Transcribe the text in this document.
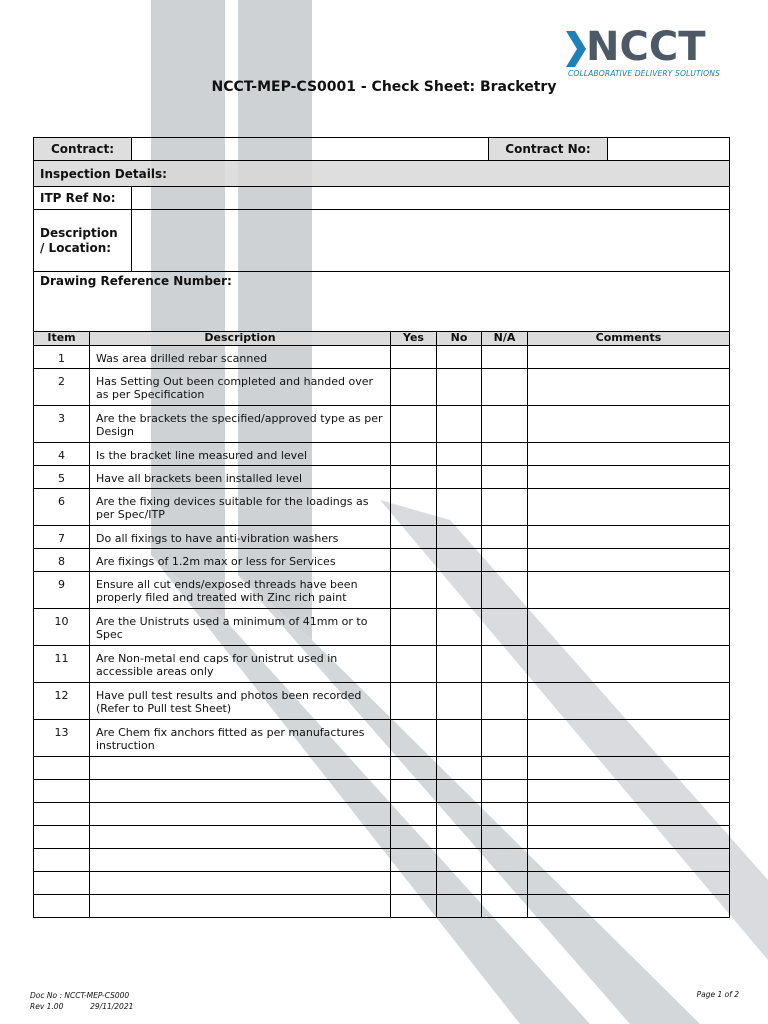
NCCT
COLLABORATIVE DELIVERY SOLUTIONS
NCCT-MEP-CS0001 - Check Sheet: Bracketry
Contract:		Contract No:	
Inspection Details:			
ITP Ref No:			
Description / Location:			
Drawing Reference Number:			
Item	Description	Yes	No	N/A	Comments
1	Was area drilled rebar scanned				
2	Has Setting Out been completed and handed over as per Specification				
3	Are the brackets the specified/approved type as per Design				
4	Is the bracket line measured and level				
5	Have all brackets been installed level				
6	Are the fixing devices suitable for the loadings as per Spec/ITP				
7	Do all fixings to have anti-vibration washers				
8	Are fixings of 1.2m max or less for Services				
9	Ensure all cut ends/exposed threads have been properly filed and treated with Zinc rich paint				
10	Are the Unistruts used a minimum of 41mm or to Spec				
11	Are Non-metal end caps for unistrut used in accessible areas only				
12	Have pull test results and photos been recorded (Refer to Pull test Sheet)				
13	Are Chem fix anchors fitted as per manufactures instruction				

Doc No : NCCT-MEP-CS000
Rev 1.00	29/11/2021
Page 1 of 2
